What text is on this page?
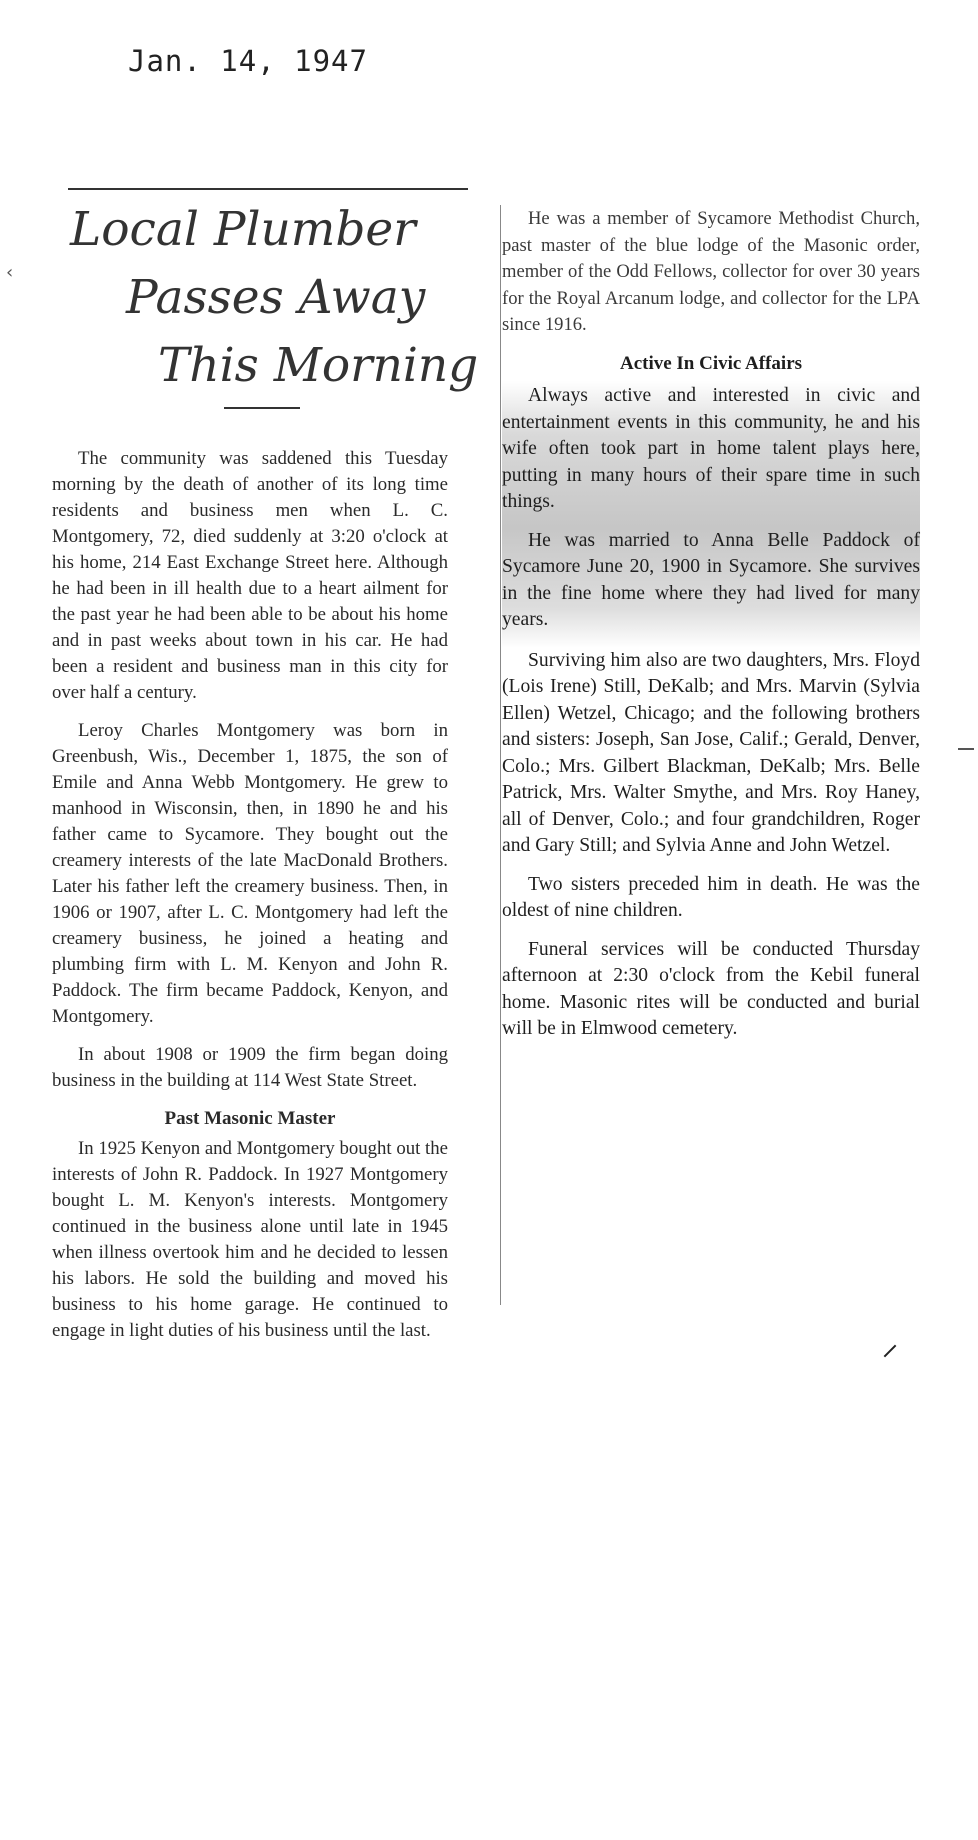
Jan. 14, 1947
‹
Local Plumber
Passes Away
This Morning

The community was saddened this Tuesday morning by the death of another of its long time residents and business men when L. C. Montgomery, 72, died suddenly at 3:20 o'clock at his home, 214 East Exchange Street here. Although he had been in ill health due to a heart ailment for the past year he had been able to be about his home and in past weeks about town in his car. He had been a resident and business man in this city for over half a century.

Leroy Charles Montgomery was born in Greenbush, Wis., December 1, 1875, the son of Emile and Anna Webb Montgomery. He grew to manhood in Wisconsin, then, in 1890 he and his father came to Sycamore. They bought out the creamery interests of the late MacDonald Brothers. Later his father left the creamery business. Then, in 1906 or 1907, after L. C. Montgomery had left the creamery business, he joined a heating and plumbing firm with L. M. Kenyon and John R. Paddock. The firm became Paddock, Kenyon, and Montgomery.

In about 1908 or 1909 the firm began doing business in the building at 114 West State Street.

Past Masonic Master

In 1925 Kenyon and Montgomery bought out the interests of John R. Paddock. In 1927 Montgomery bought L. M. Kenyon's interests. Montgomery continued in the business alone until late in 1945 when illness overtook him and he decided to lessen his labors. He sold the building and moved his business to his home garage. He continued to engage in light duties of his business until the last.

He was a member of Sycamore Methodist Church, past master of the blue lodge of the Masonic order, member of the Odd Fellows, collector for over 30 years for the Royal Arcanum lodge, and collector for the LPA since 1916.

Active In Civic Affairs

Always active and interested in civic and entertainment events in this community, he and his wife often took part in home talent plays here, putting in many hours of their spare time in such things.

He was married to Anna Belle Paddock of Sycamore June 20, 1900 in Sycamore. She survives in the fine home where they had lived for many years.

Surviving him also are two daughters, Mrs. Floyd (Lois Irene) Still, DeKalb; and Mrs. Marvin (Sylvia Ellen) Wetzel, Chicago; and the following brothers and sisters: Joseph, San Jose, Calif.; Gerald, Denver, Colo.; Mrs. Gilbert Blackman, DeKalb; Mrs. Belle Patrick, Mrs. Walter Smythe, and Mrs. Roy Haney, all of Denver, Colo.; and four grandchildren, Roger and Gary Still; and Sylvia Anne and John Wetzel.

Two sisters preceded him in death. He was the oldest of nine children.

Funeral services will be conducted Thursday afternoon at 2:30 o'clock from the Kebil funeral home. Masonic rites will be conducted and burial will be in Elmwood cemetery.
